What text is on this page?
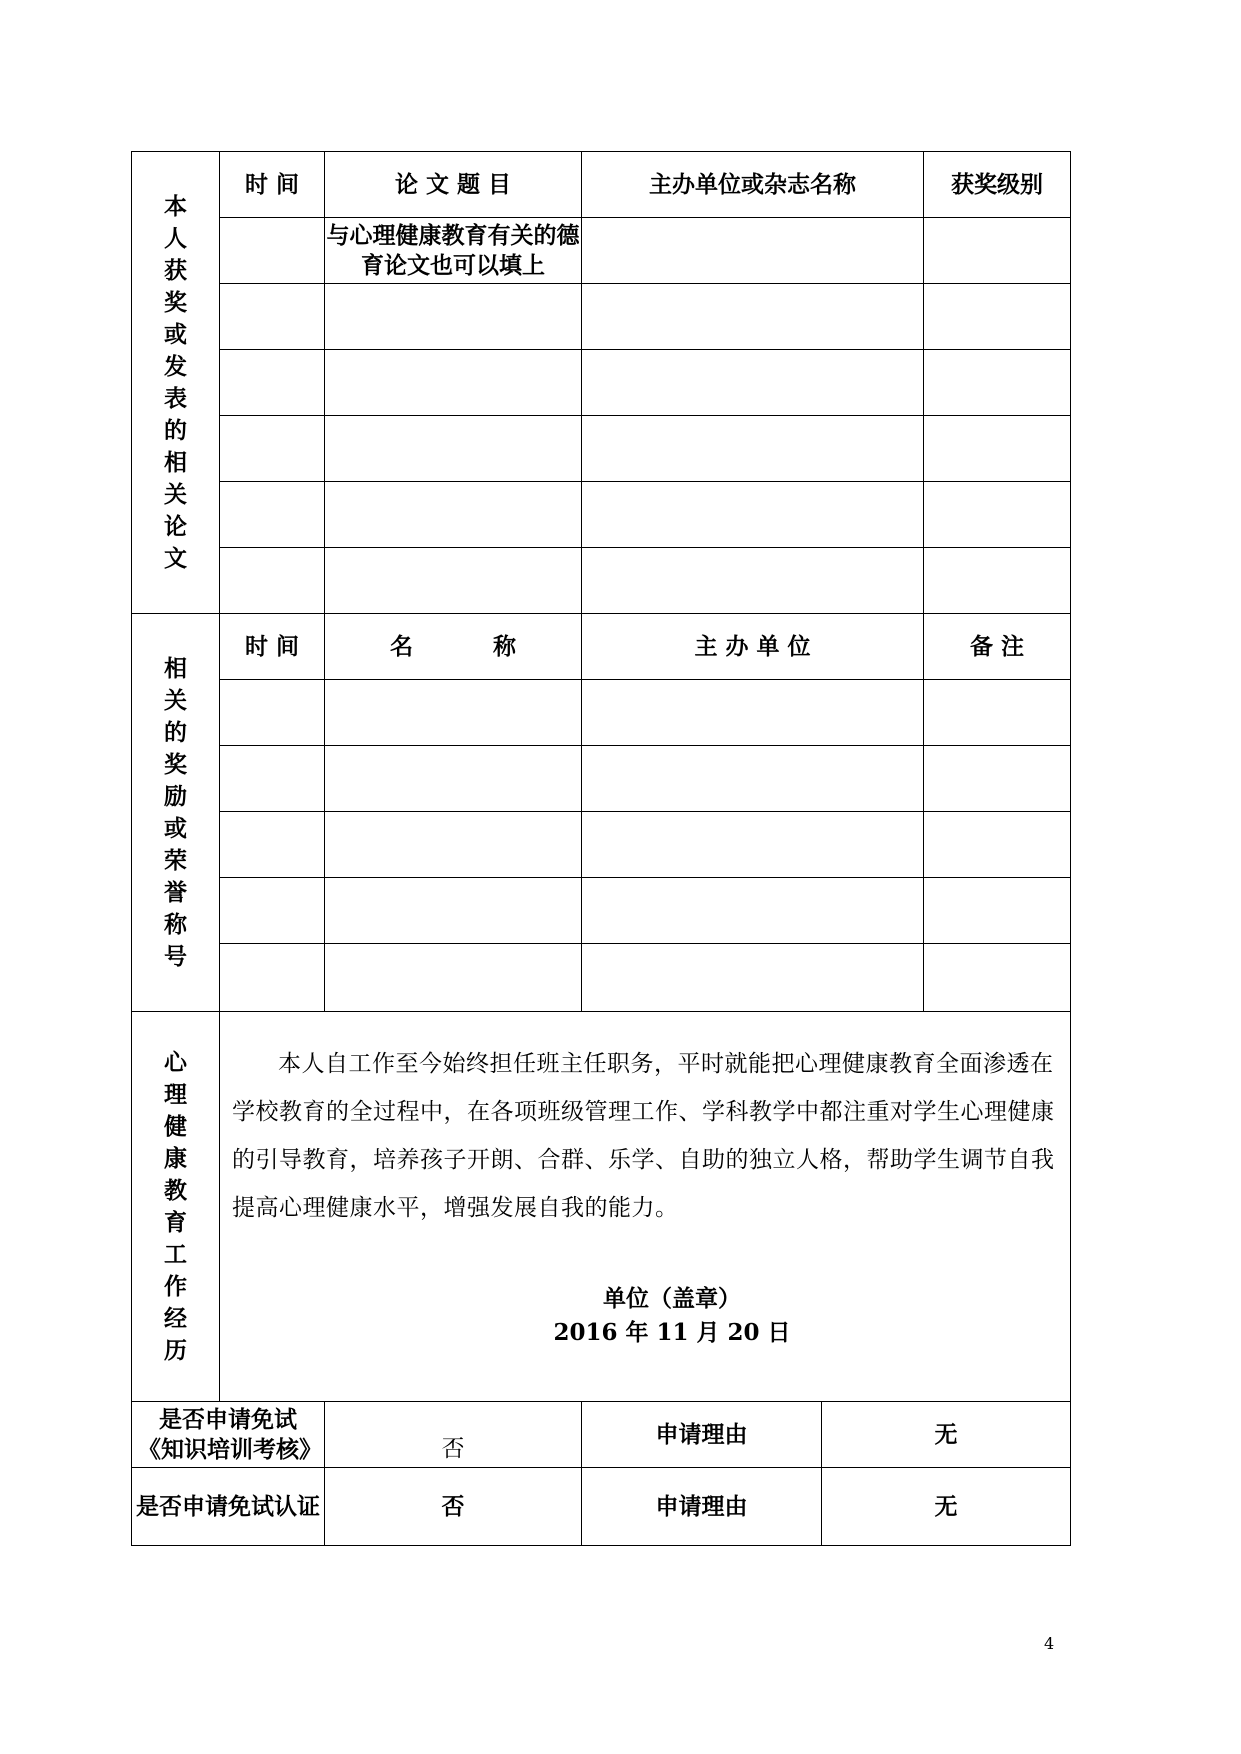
本人获奖或发表的相关论文	时 间	论 文 题 目	主办单位或杂志名称		获奖级别
		与心理健康教育有关的德育论文也可以填上			

相关的奖励或荣誉称号	时 间	名          称	主 办 单 位		备 注

心理健康教育工作经历	本人自工作至今始终担任班主任职务，平时就能把心理健康教育全面渗透在学校教育的全过程中，在各项班级管理工作、学科教学中都注重对学生心理健康的引导教育，培养孩子开朗、合群、乐学、自助的独立人格，帮助学生调节自我提高心理健康水平，增强发展自我的能力。
单位（盖章）
2016 年 11 月 20 日				

是否申请免试《知识培训考核》		否	申请理由	无	
是否申请免试认证		否	申请理由	无	
4
